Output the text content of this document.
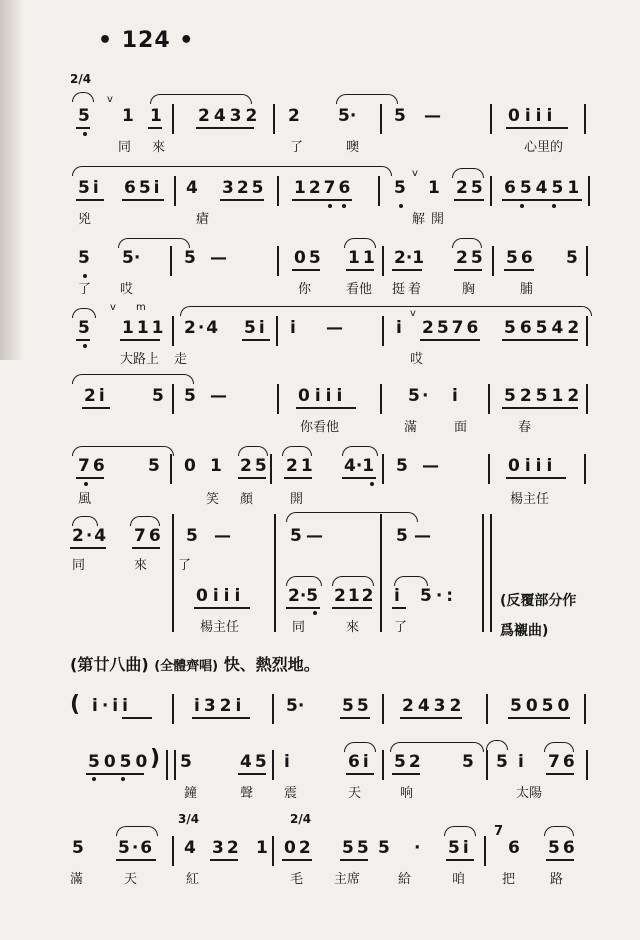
• 124 •
2/4
v
5 1 1 2432 2 5· 5 —	0iii
同 來	了	噢	心里的
v
5i 65i 4 325 1276 5 1 25 65451
兇	瘡	解開
5 5·	5 —	05 11 2·1 25 56 5
了 哎	你	看他 挺着	胸	脯
v m
5 111 2·4 5i i —	i
v
2576 56542
大路上 走	哎
2i	5 5 —	0iii	5 · i	52512
你看他	滿	面	春
76 5 0 1 25 21 4·1 5 —	0iii
風	笑 顏	開	楊主任
2·4 76 5 —	5 —	5 —
同	來 了
0iii	2·5 212 i 5·:
楊主任	同	來	了
(反覆部分作爲襯曲)
(第廿八曲) (全體齊唱) 快、熱烈地。
( i·ii	i32i 5· 55 2432	5050
5050
) 5	45 i	6i 52 5 5 i 76
鐘	聲 震	天	响	太陽
3/4	2/4
5 5·6 4 32 1 02 55 5 · 5i
7
6 56
滿	天	紅	毛 主席	給	咱	把	路
